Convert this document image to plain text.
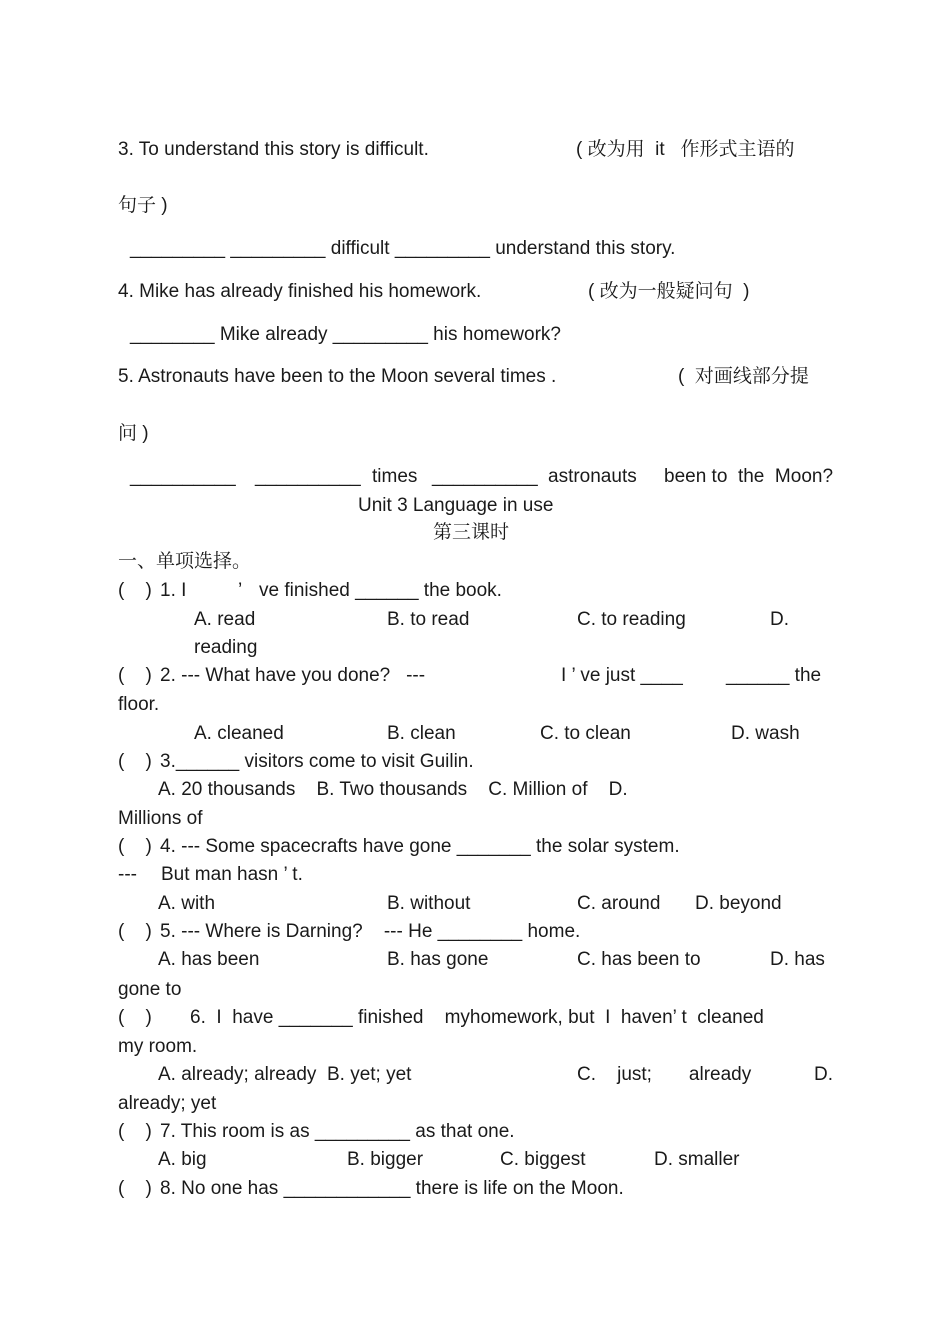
3. To understand this story is difficult.	( 改为用  it   作形式主语的
句子 )
_________ _________ difficult _________ understand this story.
4. Mike has already finished his homework.	( 改为一般疑问句  )
________ Mike already _________ his homework?
5. Astronauts have been to the Moon several times .	(  对画线部分提
问 )
__________ __________ times __________ astronauts been to  the  Moon?
Unit 3 Language in use
第三课时
一、单项选择。
(    ) 1. I	’ ve finished ______ the book.
A. read	B. to read	C. to reading	D.
reading
(    ) 2. --- What have you done?   ---	I ’ ve just ____ ______ the
floor.
A. cleaned	B. clean	C. to clean	D. wash
(    ) 3.______ visitors come to visit Guilin.
A. 20 thousands    B. Two thousands    C. Million of    D.
Millions of
(    ) 4. --- Some spacecrafts have gone _______ the solar system.
--- But man hasn ’ t.
A. with	B. without	C. around D. beyond
(    ) 5. --- Where is Darning?    --- He ________ home.
A. has been	B. has gone	C. has been to	D. has
gone to
(    ) 6.  I  have _______ finished    myhomework, but  I  haven’ t  cleaned
my room.
A. already; already  B. yet; yet	C.    just;       already	D.
already; yet
(    ) 7. This room is as _________ as that one.
A. big	B. bigger	C. biggest	D. smaller
(    ) 8. No one has ____________ there is life on the Moon.
